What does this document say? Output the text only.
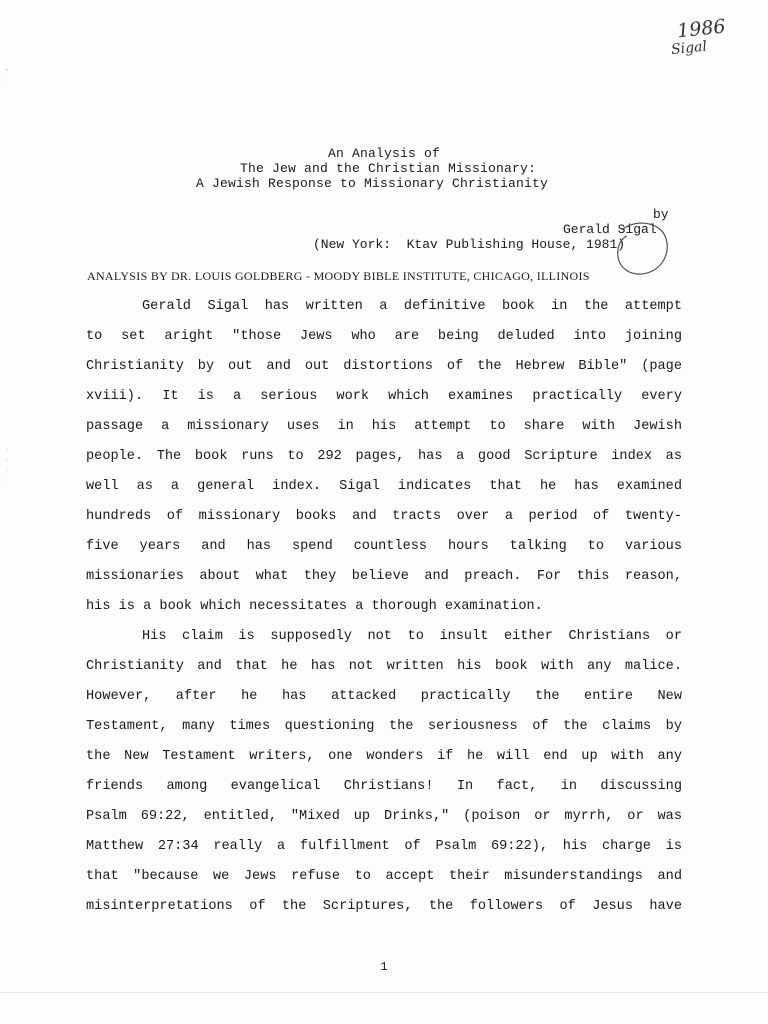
1986
Sigal
An Analysis of
The Jew and the Christian Missionary:
A Jewish Response to Missionary Christianity
by
Gerald Sigal
(New York:  Ktav Publishing House, 1981)
ANALYSIS BY DR. LOUIS GOLDBERG - MOODY BIBLE INSTITUTE, CHICAGO, ILLINOIS
Gerald Sigal has written a definitive book in the attempt
to set aright "those Jews who are being deluded into joining
Christianity by out and out distortions of the Hebrew Bible" (page
xviii). It is a serious work which examines practically every
passage a missionary uses in his attempt to share with Jewish
people. The book runs to 292 pages, has a good Scripture index as
well as a general index. Sigal indicates that he has examined
hundreds of missionary books and tracts over a period of twenty-
five years and has spend countless hours talking to various
missionaries about what they believe and preach. For this reason,
his is a book which necessitates a thorough examination.
His claim is supposedly not to insult either Christians or
Christianity and that he has not written his book with any malice.
However, after he has attacked practically the entire New
Testament, many times questioning the seriousness of the claims by
the New Testament writers, one wonders if he will end up with any
friends among evangelical Christians! In fact, in discussing
Psalm 69:22, entitled, "Mixed up Drinks," (poison or myrrh, or was
Matthew 27:34 really a fulfillment of Psalm 69:22), his charge is
that "because we Jews refuse to accept their misunderstandings and
misinterpretations of the Scriptures, the followers of Jesus have
1
